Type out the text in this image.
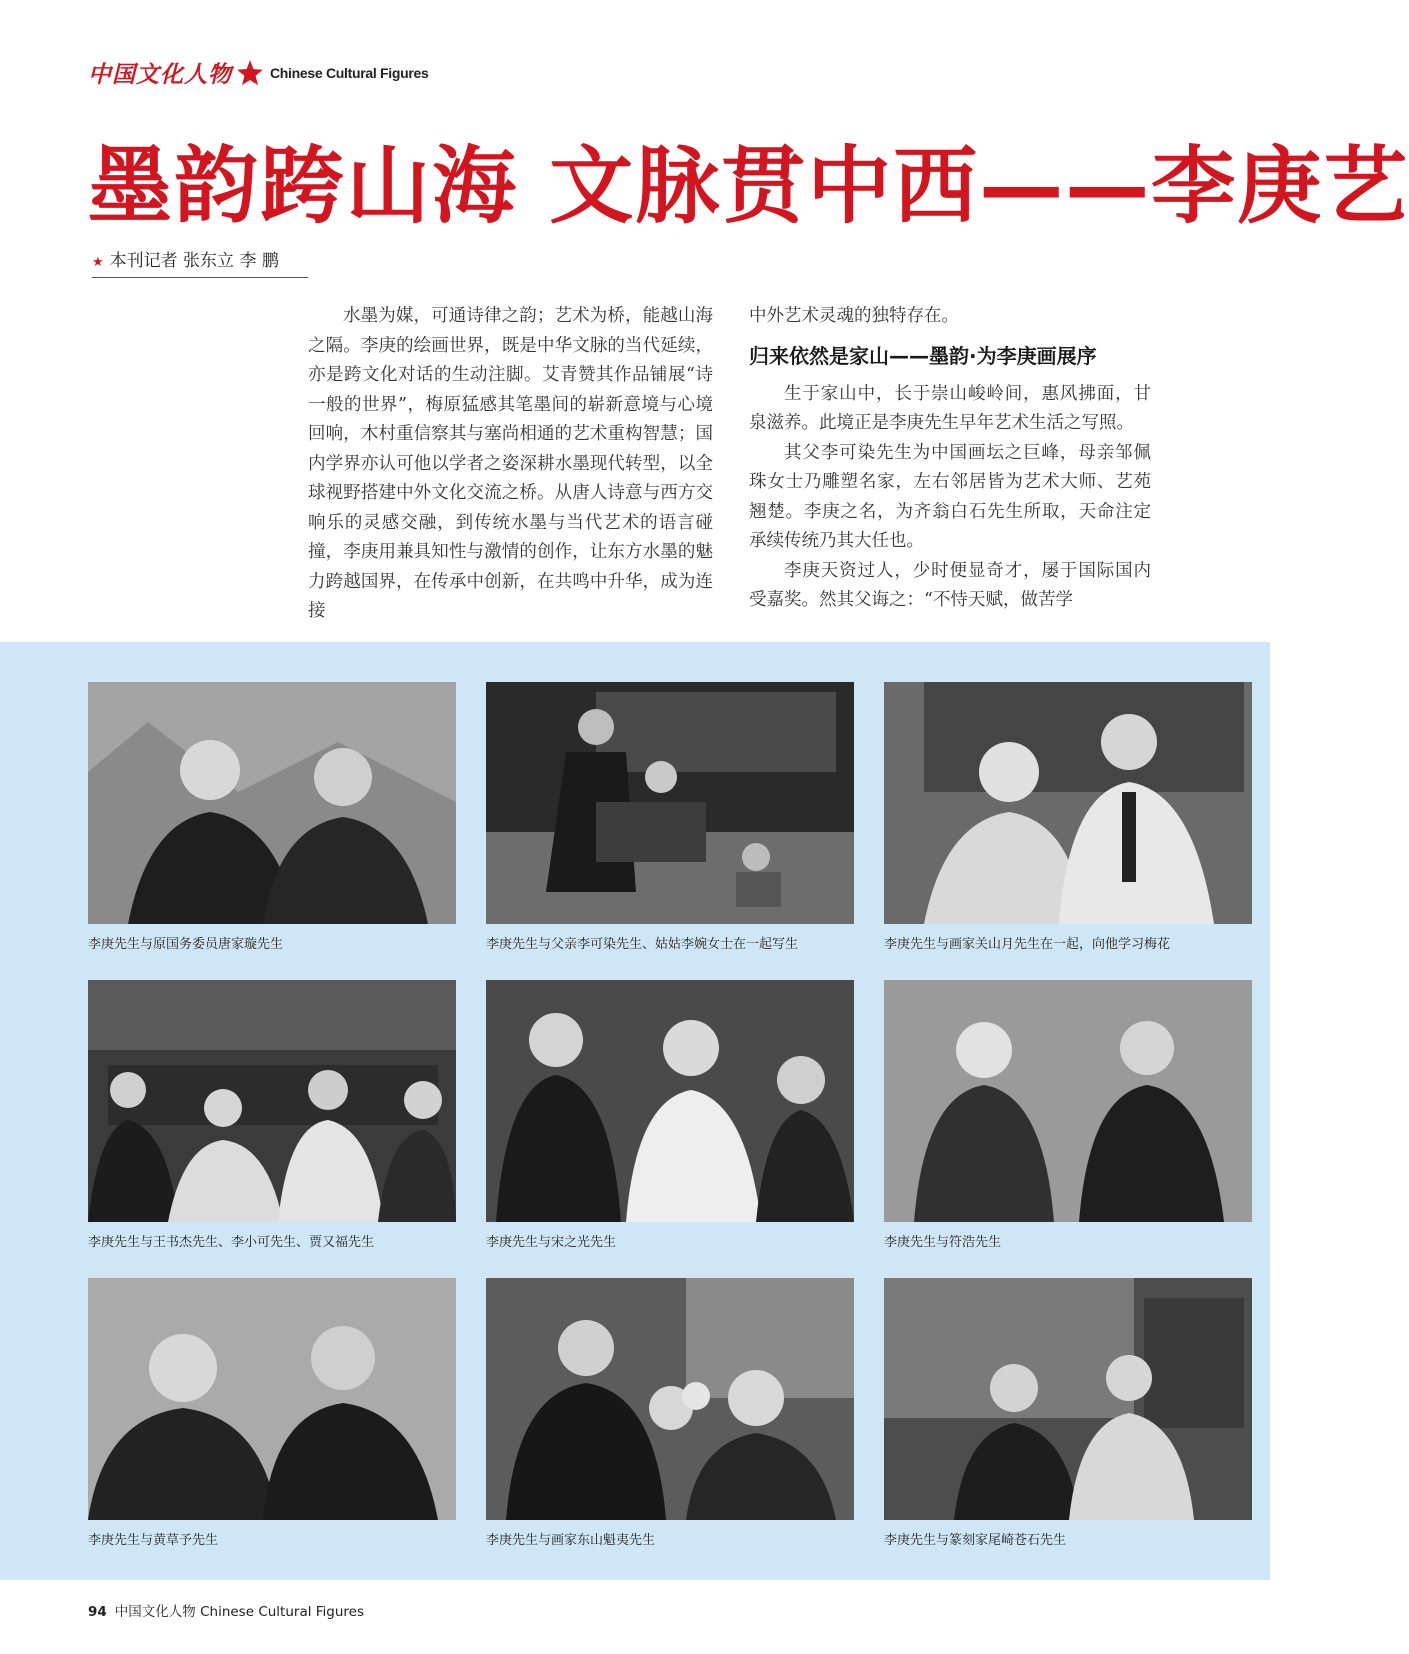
中国文化人物	Chinese Cultural Figures
墨韵跨山海 文脉贯中西——李庚艺
★ 本刊记者 张东立 李 鹏

水墨为媒，可通诗律之韵；艺术为桥，能越山海之隔。李庚的绘画世界，既是中华文脉的当代延续，亦是跨文化对话的生动注脚。艾青赞其作品铺展“诗一般的世界”，梅原猛感其笔墨间的崭新意境与心境回响，木村重信察其与塞尚相通的艺术重构智慧；国内学界亦认可他以学者之姿深耕水墨现代转型，以全球视野搭建中外文化交流之桥。从唐人诗意与西方交响乐的灵感交融，到传统水墨与当代艺术的语言碰撞，李庚用兼具知性与激情的创作，让东方水墨的魅力跨越国界，在传承中创新，在共鸣中升华，成为连接

中外艺术灵魂的独特存在。

归来依然是家山——墨韵·为李庚画展序

生于家山中，长于崇山峻岭间，惠风拂面，甘泉滋养。此境正是李庚先生早年艺术生活之写照。

其父李可染先生为中国画坛之巨峰，母亲邹佩珠女士乃雕塑名家，左右邻居皆为艺术大师、艺苑翘楚。李庚之名，为齐翁白石先生所取，天命注定承续传统乃其大任也。

李庚天资过人，少时便显奇才，屡于国际国内受嘉奖。然其父诲之：“不恃天赋，做苦学

李庚先生与原国务委员唐家璇先生	李庚先生与父亲李可染先生、姑姑李婉女士在一起写生	李庚先生与画家关山月先生在一起，向他学习梅花
李庚先生与王书杰先生、李小可先生、贾又福先生	李庚先生与宋之光先生	李庚先生与符浩先生
李庚先生与黄草予先生	李庚先生与画家东山魁夷先生	李庚先生与篆刻家尾崎苍石先生
94 中国文化人物 Chinese Cultural Figures
